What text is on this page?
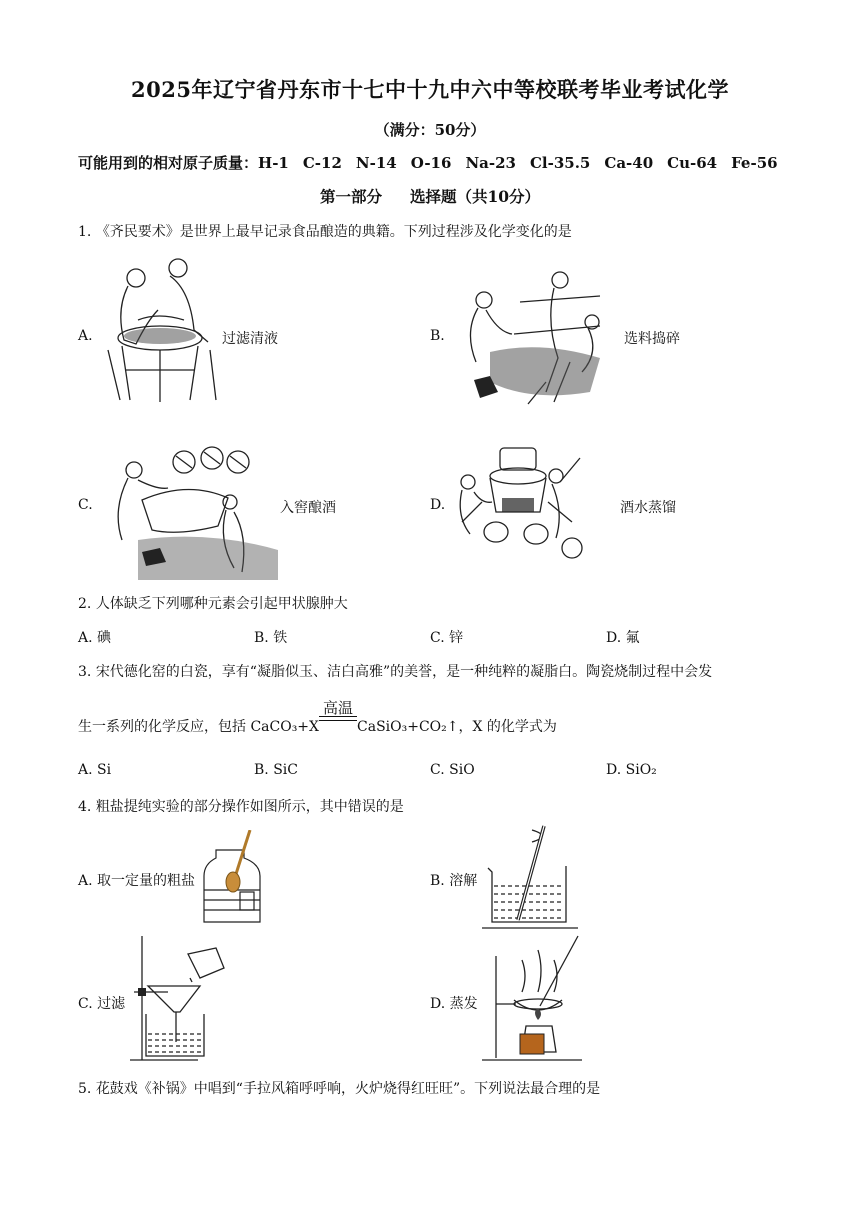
2025年辽宁省丹东市十七中十九中六中等校联考毕业考试化学
（满分：50分）
可能用到的相对原子质量：H-1 C-12 N-14 O-16 Na-23 Cl-35.5 Ca-40 Cu-64 Fe-56
第一部分 选择题（共10分）
1. 《齐民要术》是世界上最早记录食品酿造的典籍。下列过程涉及化学变化的是
A.	过滤清液	B.	选料捣碎
C.	入窖酿酒	D.	酒水蒸馏
2. 人体缺乏下列哪种元素会引起甲状腺肿大
A. 碘	B. 铁	C. 锌	D. 氟
3. 宋代德化窑的白瓷，享有“凝脂似玉、洁白高雅”的美誉，是一种纯粹的凝脂白。陶瓷烧制过程中会发
生一系列的化学反应，包括 CaCO₃+X
高温
CaSiO₃+CO₂↑，X 的化学式为
A. Si	B. SiC	C. SiO	D. SiO₂
4. 粗盐提纯实验的部分操作如图所示，其中错误的是
A. 取一定量的粗盐	B. 溶解
C. 过滤	D. 蒸发
5. 花鼓戏《补锅》中唱到“手拉风箱呼呼响，火炉烧得红旺旺”。下列说法最合理的是
